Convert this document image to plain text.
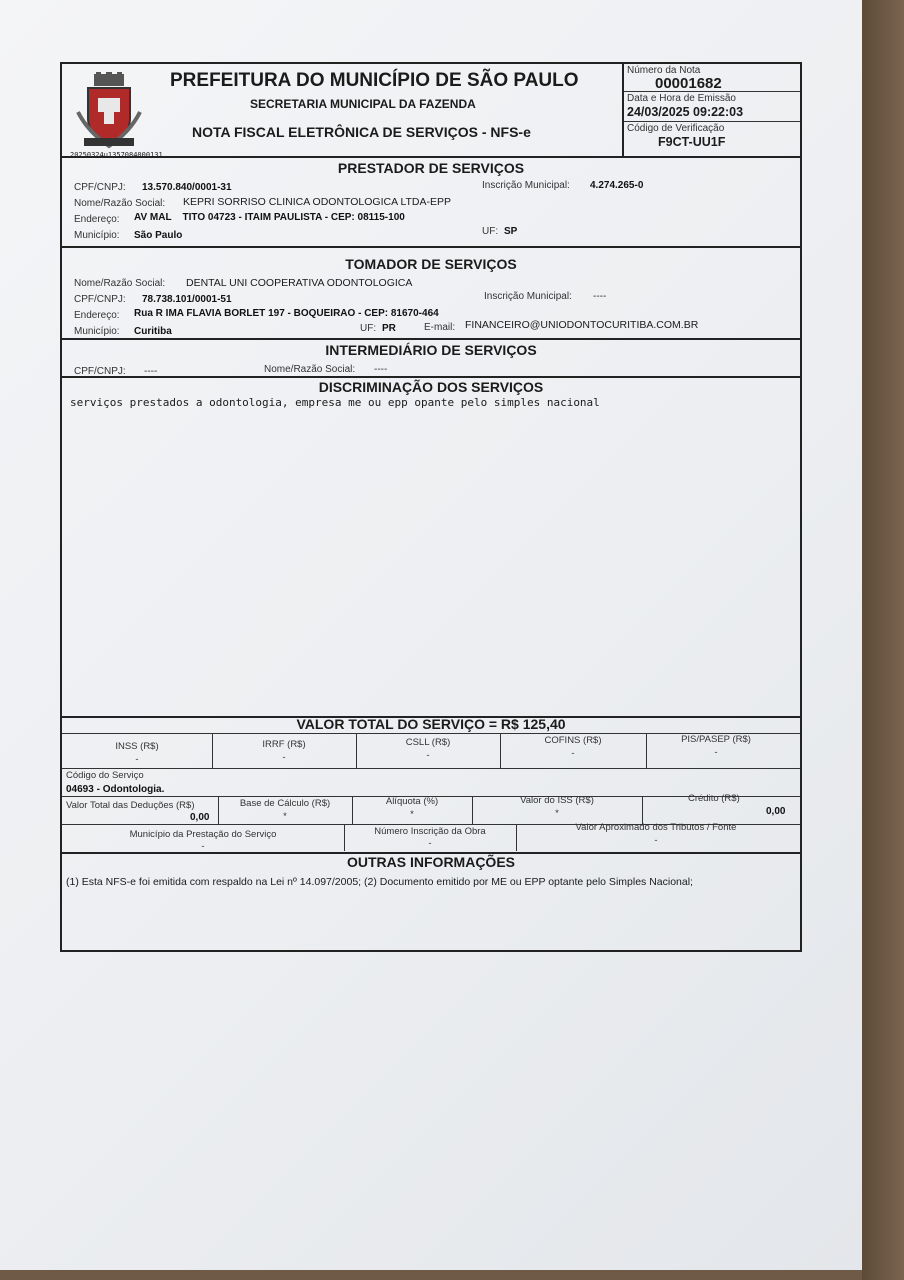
PREFEITURA DO MUNICÍPIO DE SÃO PAULO
SECRETARIA MUNICIPAL DA FAZENDA
NOTA FISCAL ELETRÔNICA DE SERVIÇOS - NFS-e
20250324u1357084000131
Número da Nota
00001682
Data e Hora de Emissão
24/03/2025 09:22:03
Código de Verificação
F9CT-UU1F
PRESTADOR DE SERVIÇOS
CPF/CNPJ: 13.570.840/0001-31	Inscrição Municipal: 4.274.265-0
Nome/Razão Social: KEPRI SORRISO CLINICA ODONTOLOGICA LTDA-EPP
Endereço: AV MAL    TITO 04723 - ITAIM PAULISTA - CEP: 08115-100
Município: São Paulo	UF: SP
TOMADOR DE SERVIÇOS
Nome/Razão Social: DENTAL UNI COOPERATIVA ODONTOLOGICA
CPF/CNPJ: 78.738.101/0001-51	Inscrição Municipal: ----
Endereço: Rua R IMA FLAVIA BORLET 197 - BOQUEIRAO - CEP: 81670-464
Município: Curitiba	UF: PR	E-mail: FINANCEIRO@UNIODONTOCURITIBA.COM.BR
INTERMEDIÁRIO DE SERVIÇOS
CPF/CNPJ: ----	Nome/Razão Social: ----
DISCRIMINAÇÃO DOS SERVIÇOS
serviços prestados a odontologia, empresa me ou epp opante pelo simples nacional
VALOR TOTAL DO SERVIÇO = R$ 125,40
INSS (R$)
-
IRRF (R$)
-
CSLL (R$)
-
COFINS (R$)
-
PIS/PASEP (R$)
-
Código do Serviço
04693 - Odontologia.
Valor Total das Deduções (R$)
0,00
Base de Cálculo (R$)
*
Alíquota (%)
*
Valor do ISS (R$)
*
Crédito (R$)
0,00
Município da Prestação do Serviço
-
Número Inscrição da Obra
-
Valor Aproximado dos Tributos / Fonte
-
OUTRAS INFORMAÇÕES
(1) Esta NFS-e foi emitida com respaldo na Lei nº 14.097/2005; (2) Documento emitido por ME ou EPP optante pelo Simples Nacional;
